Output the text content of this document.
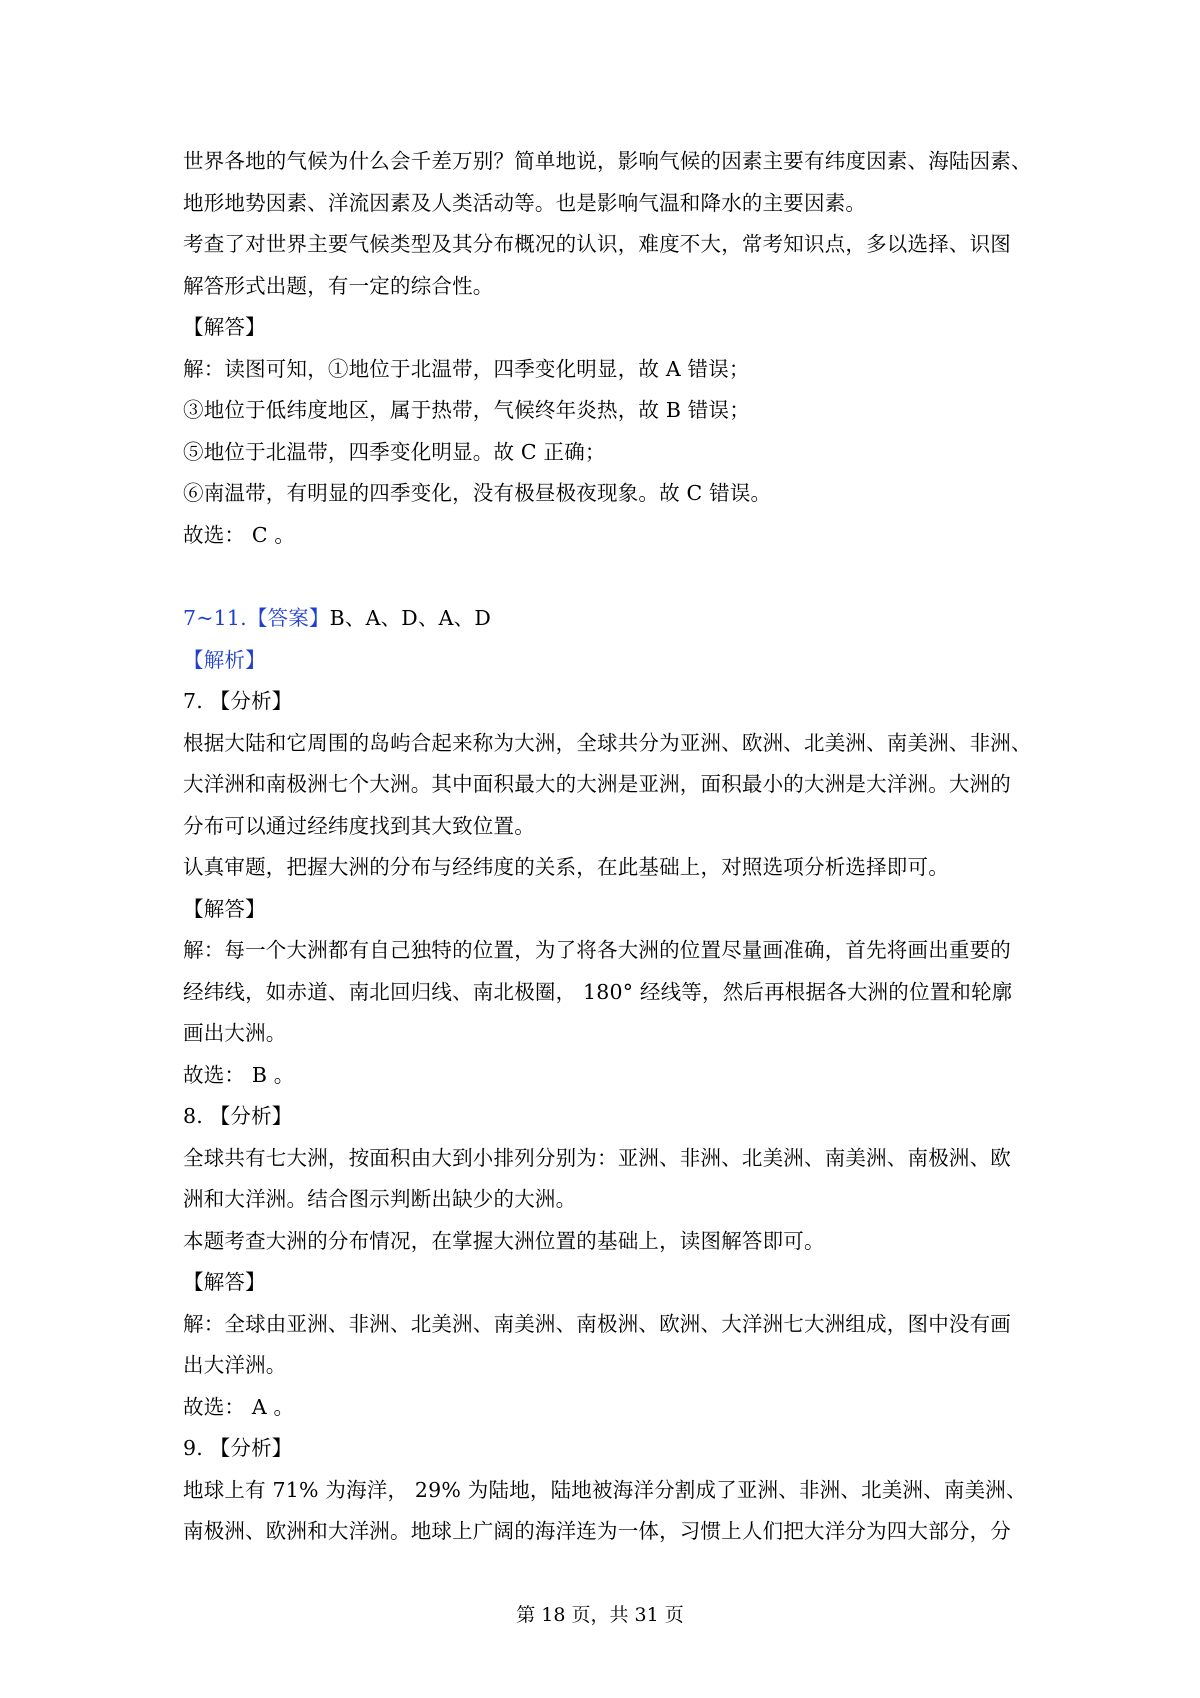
世界各地的气候为什么会千差万别？简单地说，影响气候的因素主要有纬度因素、海陆因素、
地形地势因素、洋流因素及人类活动等。也是影响气温和降水的主要因素。
考查了对世界主要气候类型及其分布概况的认识，难度不大，常考知识点，多以选择、识图
解答形式出题，有一定的综合性。
【解答】
解：读图可知，①地位于北温带，四季变化明显，故 A 错误；
③地位于低纬度地区，属于热带，气候终年炎热，故 B 错误；
⑤地位于北温带，四季变化明显。故 C 正确；
⑥南温带，有明显的四季变化，没有极昼极夜现象。故 C 错误。
故选： C 。
7~11.【答案】B、A、D、A、D
【解析】
7. 【分析】
根据大陆和它周围的岛屿合起来称为大洲，全球共分为亚洲、欧洲、北美洲、南美洲、非洲、
大洋洲和南极洲七个大洲。其中面积最大的大洲是亚洲，面积最小的大洲是大洋洲。大洲的
分布可以通过经纬度找到其大致位置。
认真审题，把握大洲的分布与经纬度的关系，在此基础上，对照选项分析选择即可。
【解答】
解：每一个大洲都有自己独特的位置，为了将各大洲的位置尽量画准确，首先将画出重要的
经纬线，如赤道、南北回归线、南北极圈， 180° 经线等，然后再根据各大洲的位置和轮廓
画出大洲。
故选： B 。
8. 【分析】
全球共有七大洲，按面积由大到小排列分别为：亚洲、非洲、北美洲、南美洲、南极洲、欧
洲和大洋洲。结合图示判断出缺少的大洲。
本题考查大洲的分布情况，在掌握大洲位置的基础上，读图解答即可。
【解答】
解：全球由亚洲、非洲、北美洲、南美洲、南极洲、欧洲、大洋洲七大洲组成，图中没有画
出大洋洲。
故选： A 。
9. 【分析】
地球上有 71% 为海洋， 29% 为陆地，陆地被海洋分割成了亚洲、非洲、北美洲、南美洲、
南极洲、欧洲和大洋洲。地球上广阔的海洋连为一体，习惯上人们把大洋分为四大部分，分
第 18 页，共 31 页
